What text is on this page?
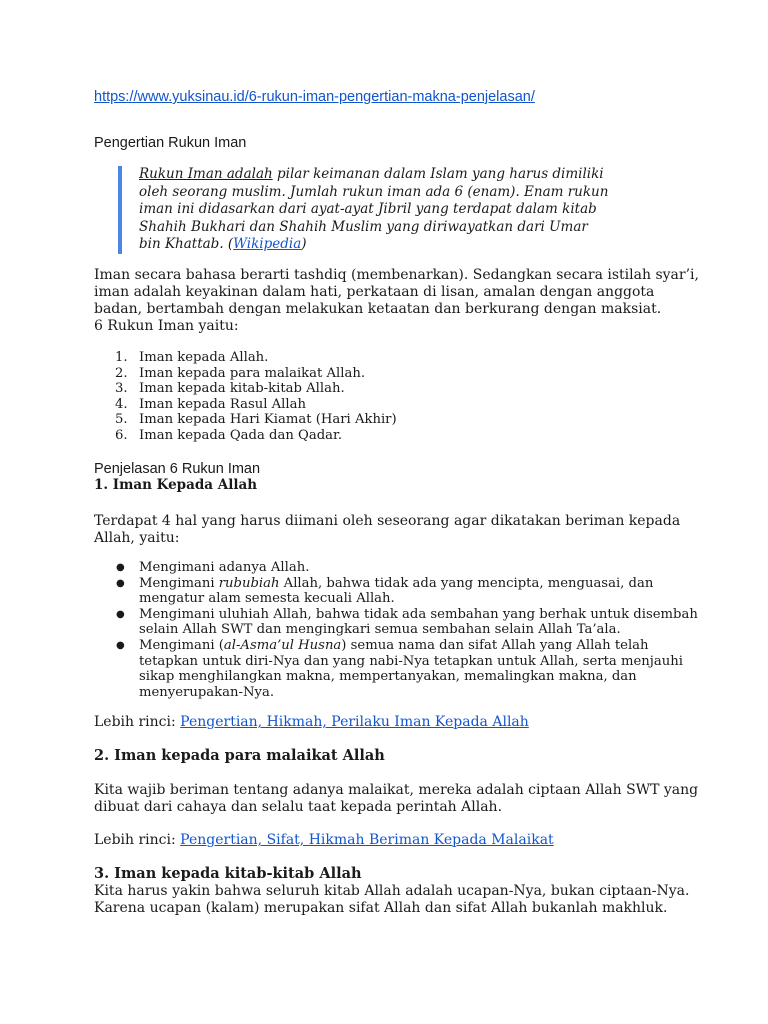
https://www.yuksinau.id/6-rukun-iman-pengertian-makna-penjelasan/
Pengertian Rukun Iman
Rukun Iman adalah pilar keimanan dalam Islam yang harus dimiliki
oleh seorang muslim. Jumlah rukun iman ada 6 (enam). Enam rukun
iman ini didasarkan dari ayat-ayat Jibril yang terdapat dalam kitab
Shahih Bukhari dan Shahih Muslim yang diriwayatkan dari Umar
bin Khattab. (Wikipedia)
Iman secara bahasa berarti tashdiq (membenarkan). Sedangkan secara istilah syar’i,
iman adalah keyakinan dalam hati, perkataan di lisan, amalan dengan anggota
badan, bertambah dengan melakukan ketaatan dan berkurang dengan maksiat.
6 Rukun Iman yaitu:
1. Iman kepada Allah.
2. Iman kepada para malaikat Allah.
3. Iman kepada kitab-kitab Allah.
4. Iman kepada Rasul Allah
5. Iman kepada Hari Kiamat (Hari Akhir)
6. Iman kepada Qada dan Qadar.
Penjelasan 6 Rukun Iman
1. Iman Kepada Allah
Terdapat 4 hal yang harus diimani oleh seseorang agar dikatakan beriman kepada
Allah, yaitu:
● Mengimani adanya Allah.
● Mengimani rububiah Allah, bahwa tidak ada yang mencipta, menguasai, dan
mengatur alam semesta kecuali Allah.
● Mengimani uluhiah Allah, bahwa tidak ada sembahan yang berhak untuk disembah
selain Allah SWT dan mengingkari semua sembahan selain Allah Ta’ala.
● Mengimani (al-Asma’ul Husna) semua nama dan sifat Allah yang Allah telah
tetapkan untuk diri-Nya dan yang nabi-Nya tetapkan untuk Allah, serta menjauhi
sikap menghilangkan makna, mempertanyakan, memalingkan makna, dan
menyerupakan-Nya.
Lebih rinci: Pengertian, Hikmah, Perilaku Iman Kepada Allah
2. Iman kepada para malaikat Allah
Kita wajib beriman tentang adanya malaikat, mereka adalah ciptaan Allah SWT yang
dibuat dari cahaya dan selalu taat kepada perintah Allah.
Lebih rinci: Pengertian, Sifat, Hikmah Beriman Kepada Malaikat
3. Iman kepada kitab-kitab Allah
Kita harus yakin bahwa seluruh kitab Allah adalah ucapan-Nya, bukan ciptaan-Nya.
Karena ucapan (kalam) merupakan sifat Allah dan sifat Allah bukanlah makhluk.
